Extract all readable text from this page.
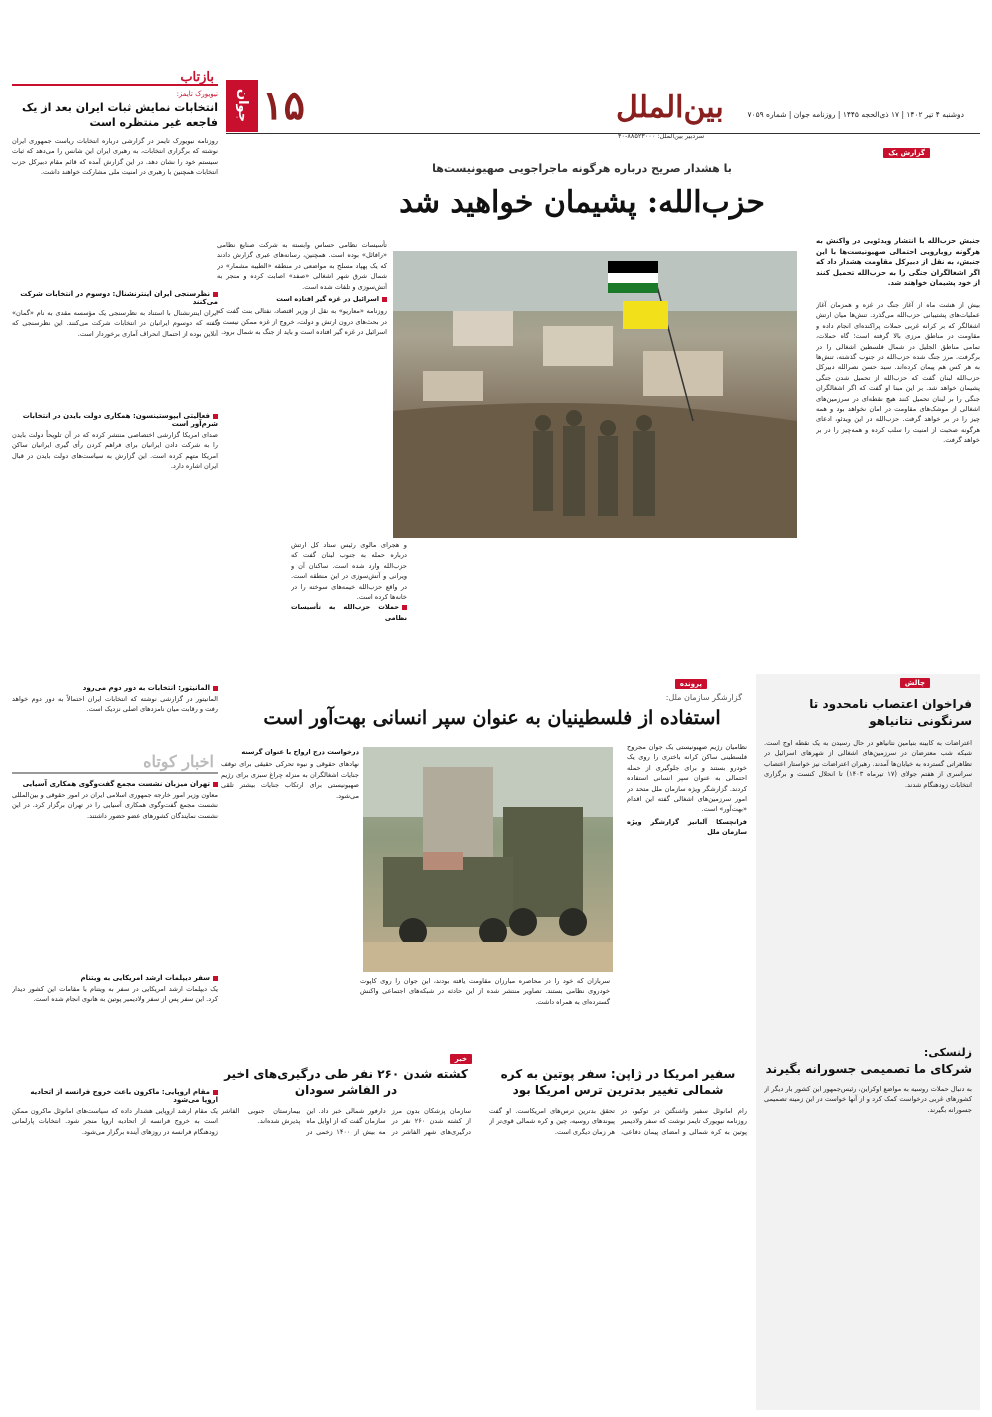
دوشنبه ۴ تیر ۱۴۰۲ | ۱۷ ذی‌الحجه ۱۴۴۵ | روزنامه جوان | شماره ۷۰۵۹
بین‌الملل
سردبیر بین‌الملل: ۸۸۵۲۳۰۰۰-۴۰
جوان ۱۵
گزارش یک
با هشدار صریح درباره هرگونه ماجراجویی صهیونیست‌ها
حزب‌الله: پشیمان خواهید شد
جنبش حزب‌الله با انتشار ویدئویی در واکنش به هرگونه رویارویی احتمالی صهیونیست‌ها با این جنبش، به نقل از دبیرکل مقاومت هشدار داد که اگر اشغالگران جنگی را به حزب‌الله تحمیل کنند از خود پشیمان خواهند شد.
بیش از هشت ماه از آغاز جنگ در غزه و همزمان آغاز عملیات‌های پشتیبانی حزب‌الله می‌گذرد. تنش‌ها میان ارتش اشغالگر که بر کرانه غربی حملات پراکنده‌ای انجام داده و مقاومت در مناطق مرزی بالا گرفته است؛ گاه حملات، تمامی مناطق الجلیل در شمال فلسطین اشغالی را در برگرفت. مرز جنگ شده حزب‌الله در جنوب گذشته، تنش‌ها به هر کس هم پیمان کرده‌اند. سید حسن نصرالله دبیرکل حزب‌الله لبنان گفت که حزب‌الله از تحمیل شدن جنگی پشیمان خواهد شد. بر این مبنا او گفت که اگر اشغالگران جنگی را بر لبنان تحمیل کنند هیچ نقطه‌ای در سرزمین‌های اشغالی از موشک‌های مقاومت در امان نخواهد بود و همه چیز را در بر خواهد گرفت. حزب‌الله در این ویدئو، ادعای هرگونه صحبت از امنیت را سلب کرده و همه‌چیز را در بر خواهد گرفت.
و هجرای مالوی رئیس ستاد کل ارتش درباره حمله به جنوب لبنان گفت که حزب‌الله وارد شده است. ساکنان آن و ویرانی و آتش‌سوزی در این منطقه است. در واقع حزب‌الله خیمه‌های سوخته را در خانه‌ها کرده است.

حملات حزب‌الله به تأسیسات نظامی

تأسیسات نظامی حساس وابسته به شرکت صنایع نظامی «رافائل» بوده است. همچنین، رسانه‌های عبری گزارش دادند که یک پهپاد مسلح به مواضعی در منطقه «الطیبه مشمار» در شمال شرق شهر اشغالی «صفد» اصابت کرده و منجر به آتش‌سوزی و تلفات شده است.

اسرائیل در غزه گیر افتاده است

روزنامه «معاریو» به نقل از وزیر اقتصاد، نفتالی بنت گفت که در بحث‌های درون ارتش و دولت، خروج از غزه ممکن نیست و اسرائیل در غزه گیر افتاده است و باید از جنگ به شمال برود.

چالش
فراخوان اعتصاب نامحدود تا سرنگونی نتانیاهو
اعتراضات به کابینه بنیامین نتانیاهو در حال رسیدن به یک نقطه اوج است. شبکه شب معترضان در سرزمین‌های اشغالی از شهرهای اسرائیل در تظاهراتی گسترده به خیابان‌ها آمدند. رهبران اعتراضات نیز خواستار اعتصاب سراسری از هفتم جولای (۱۷ تیرماه ۱۴۰۳) تا انحلال کنست و برگزاری انتخابات زودهنگام شدند.
زلنسکی:
شرکای ما تصمیمی جسورانه بگیرند
به دنبال حملات روسیه به مواضع اوکراین، رئیس‌جمهور این کشور بار دیگر از کشورهای غربی درخواست کمک کرد و از آنها خواست در این زمینه تصمیمی جسورانه بگیرند.
پرونده
گزارشگر سازمان ملل:
استفاده از فلسطینیان به عنوان سپر انسانی بهت‌آور است

نظامیان رژیم صهیونیستی یک جوان مجروح فلسطینی ساکن کرانه باختری را روی یک خودرو بستند و برای جلوگیری از حمله احتمالی به عنوان سپر انسانی استفاده کردند. گزارشگر ویژه سازمان ملل متحد در امور سرزمین‌های اشغالی گفته این اقدام «بهت‌آور» است.

فرانچسکا آلبانیز گزارشگر ویژه سازمان ملل

سربازان که خود را در محاصره مبارزان مقاومت یافته بودند، این جوان را روی کاپوت خودروی نظامی بستند. تصاویر منتشر شده از این حادثه در شبکه‌های اجتماعی واکنش گسترده‌ای به همراه داشت.

درخواست درج ارواح با عنوان گرسنه

نهادهای حقوقی و نیوه تحرکی حقیقی برای توقف جنایات اشغالگران به منزله چراغ سبزی برای رژیم صهیونیستی برای ارتکاب جنایات بیشتر تلقی می‌شود.

خبر
سفیر امریکا در ژاپن: سفر پوتین به کره شمالی تغییر بدترین ترس امریکا بود
رام امانوئل سفیر واشنگتن در توکیو، در روزنامه نیویورک تایمز نوشت که سفر ولادیمیر پوتین به کره شمالی و امضای پیمان دفاعی، تحقق بدترین ترس‌های امریکاست. او گفت پیوندهای روسیه، چین و کره شمالی قوی‌تر از هر زمان دیگری است.
کشته شدن ۲۶۰ نفر طی درگیری‌های اخیر در الفاشر سودان
سازمان پزشکان بدون مرز از کشته شدن ۲۶۰ نفر در درگیری‌های شهر الفاشر در دارفور شمالی خبر داد. این سازمان گفت که از اوایل ماه مه بیش از ۱۴۰۰ زخمی در بیمارستان جنوبی الفاشر پذیرش شده‌اند.
بازتاب
نیویورک تایمز:
انتخابات نمایش ثبات ایران بعد از یک فاجعه غیر منتظره است
روزنامه نیویورک تایمز در گزارشی درباره انتخابات ریاست جمهوری ایران نوشته که برگزاری انتخابات، به رهبری ایران این شانس را می‌دهد که ثبات سیستم خود را نشان دهد. در این گزارش آمده که قائم مقام دبیرکل حزب انتخابات همچنین با رهبری در امنیت ملی مشارکت خواهند داشت.
نظرسنجی ایران اینترنشنال: دوسوم در انتخابات شرکت می‌کنند
ایران اینترنشنال با استناد به نظرسنجی یک مؤسسه مقدی به نام «گمان» گفته که دوسوم ایرانیان در انتخابات شرکت می‌کنند. این نظرسنجی که آنلاین بوده از احتمال انحراف آماری برخوردار است.
فعالیتی ایپوستینسون: همکاری دولت بایدن در انتخابات شرم‌آور است
صدای امریکا گزارشی اختصاصی منتشر کرده که در آن تلویحاً دولت بایدن را به شرکت دادن ایرانیان برای فراهم کردن رأی گیری ایرانیان ساکن امریکا متهم کرده است. این گزارش به سیاست‌های دولت بایدن در قبال ایران اشاره دارد.
المانیتور: انتخابات به دور دوم می‌رود
المانیتور در گزارشی نوشته که انتخابات ایران احتمالاً به دور دوم خواهد رفت و رقابت میان نامزدهای اصلی نزدیک است.
اخبار کوتاه
تهران میزبان نشست مجمع گفت‌وگوی همکاری آسیایی
معاون وزیر امور خارجه جمهوری اسلامی ایران در امور حقوقی و بین‌المللی نشست مجمع گفت‌وگوی همکاری آسیایی را در تهران برگزار کرد. در این نشست نمایندگان کشورهای عضو حضور داشتند.
سفر دیپلمات ارشد امریکایی به ویتنام
یک دیپلمات ارشد امریکایی در سفر به ویتنام با مقامات این کشور دیدار کرد. این سفر پس از سفر ولادیمیر پوتین به هانوی انجام شده است.
مقام اروپایی: ماکرون باعث خروج فرانسه از اتحادیه اروپا می‌شود
یک مقام ارشد اروپایی هشدار داده که سیاست‌های امانوئل ماکرون ممکن است به خروج فرانسه از اتحادیه اروپا منجر شود. انتخابات پارلمانی زودهنگام فرانسه در روزهای آینده برگزار می‌شود.
